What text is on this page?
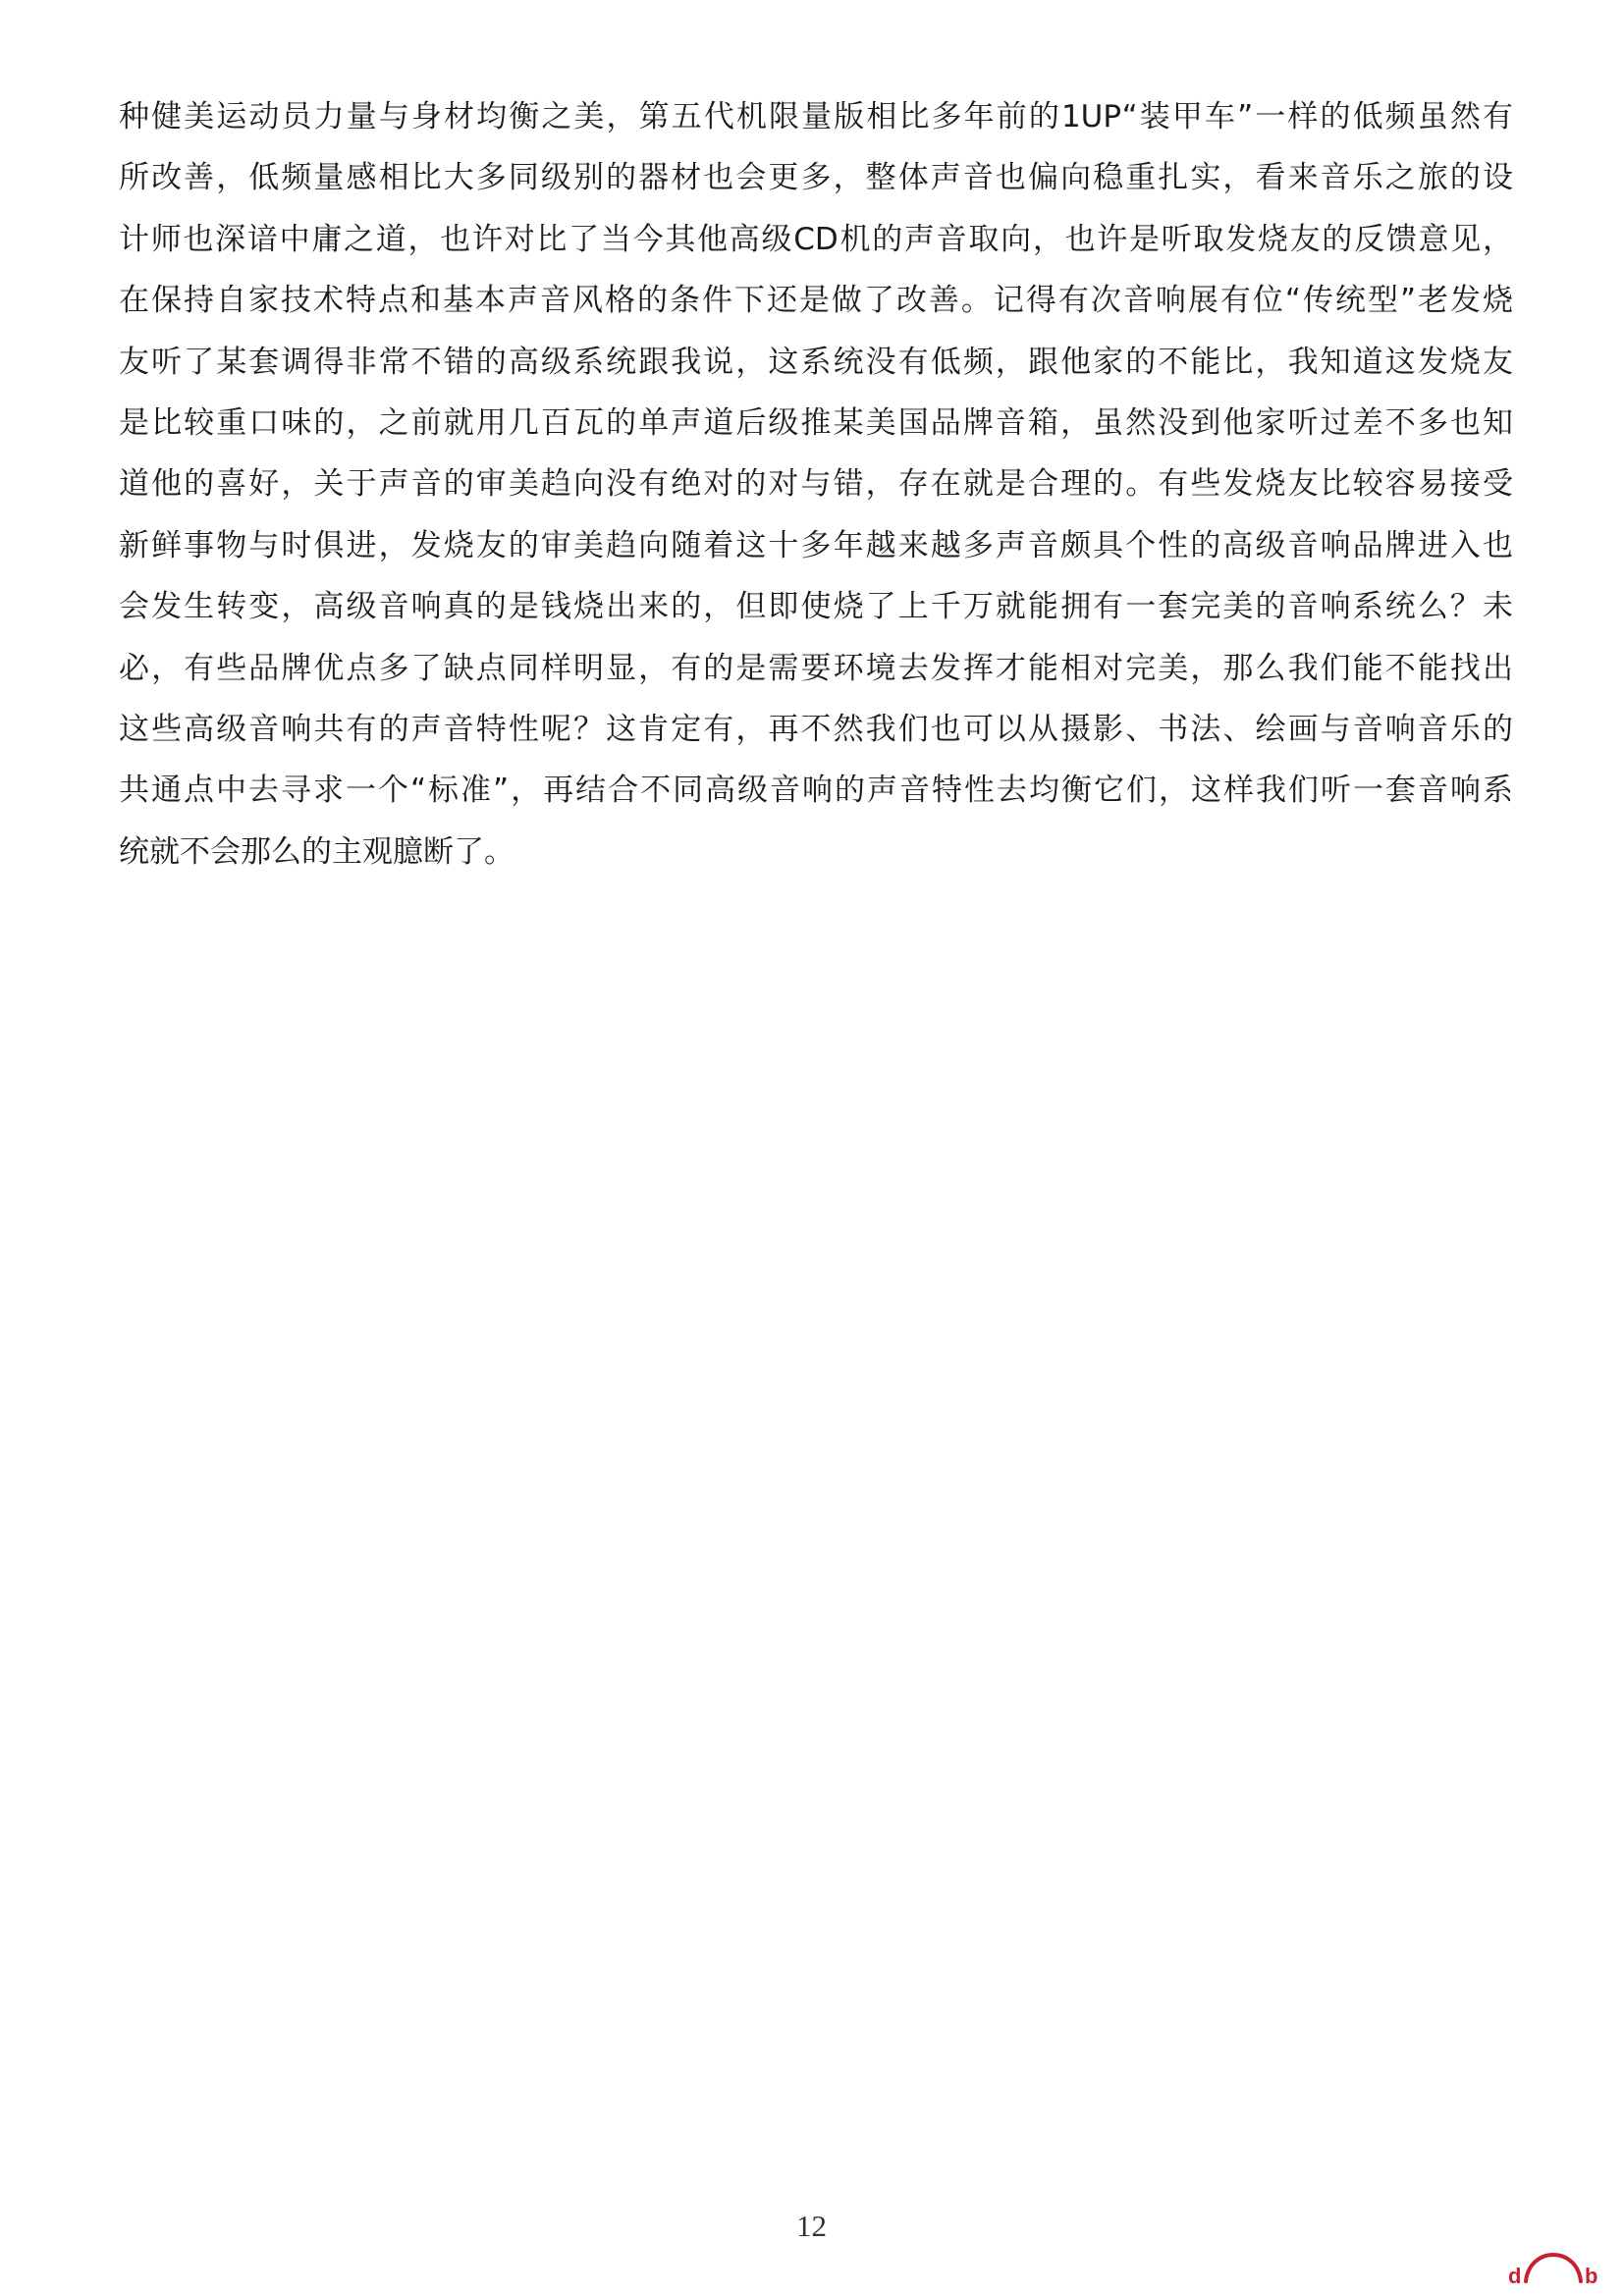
种健美运动员力量与身材均衡之美，第五代机限量版相比多年前的1UP“装甲车”一样的低频虽然有
所改善，低频量感相比大多同级别的器材也会更多，整体声音也偏向稳重扎实，看来音乐之旅的设
计师也深谙中庸之道，也许对比了当今其他高级CD机的声音取向，也许是听取发烧友的反馈意见，
在保持自家技术特点和基本声音风格的条件下还是做了改善。记得有次音响展有位“传统型”老发烧
友听了某套调得非常不错的高级系统跟我说，这系统没有低频，跟他家的不能比，我知道这发烧友
是比较重口味的，之前就用几百瓦的单声道后级推某美国品牌音箱，虽然没到他家听过差不多也知
道他的喜好，关于声音的审美趋向没有绝对的对与错，存在就是合理的。有些发烧友比较容易接受
新鲜事物与时俱进，发烧友的审美趋向随着这十多年越来越多声音颇具个性的高级音响品牌进入也
会发生转变，高级音响真的是钱烧出来的，但即使烧了上千万就能拥有一套完美的音响系统么？未
必，有些品牌优点多了缺点同样明显，有的是需要环境去发挥才能相对完美，那么我们能不能找出
这些高级音响共有的声音特性呢？这肯定有，再不然我们也可以从摄影、书法、绘画与音响音乐的
共通点中去寻求一个“标准”，再结合不同高级音响的声音特性去均衡它们，这样我们听一套音响系
统就不会那么的主观臆断了。
12
d	b
